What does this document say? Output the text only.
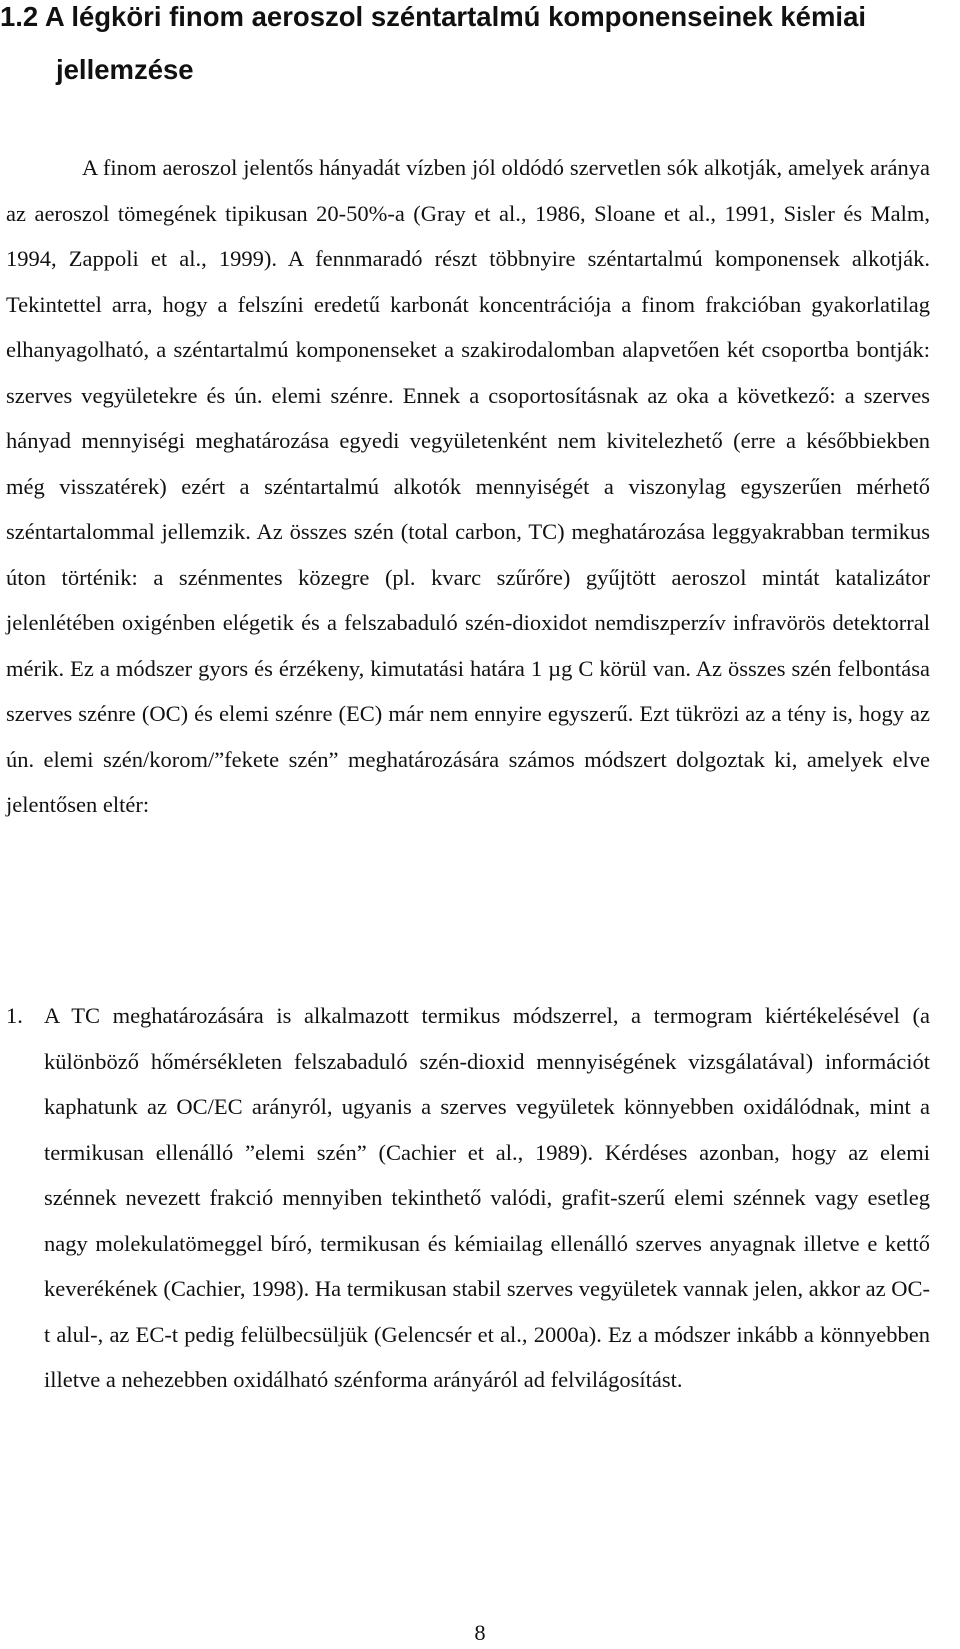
1.2 A légköri finom aeroszol széntartalmú komponenseinek kémiai
jellemzése

A finom aeroszol jelentős hányadát vízben jól oldódó szervetlen sók alkotják, amelyek aránya az aeroszol tömegének tipikusan 20-50%-a (Gray et al., 1986, Sloane et al., 1991, Sisler és Malm, 1994, Zappoli et al., 1999). A fennmaradó részt többnyire széntartalmú komponensek alkotják. Tekintettel arra, hogy a felszíni eredetű karbonát koncentrációja a finom frakcióban gyakorlatilag elhanyagolható, a széntartalmú komponenseket a szakirodalomban alapvetően két csoportba bontják: szerves vegyületekre és ún. elemi szénre. Ennek a csoportosításnak az oka a következő: a szerves hányad mennyiségi meghatározása egyedi vegyületenként nem kivitelezhető (erre a későbbiekben még visszatérek) ezért a széntartalmú alkotók mennyiségét a viszonylag egyszerűen mérhető széntartalommal jellemzik. Az összes szén (total carbon, TC) meghatározása leggyakrabban termikus úton történik: a szénmentes közegre (pl. kvarc szűrőre) gyűjtött aeroszol mintát katalizátor jelenlétében oxigénben elégetik és a felszabaduló szén-dioxidot nemdiszperzív infravörös detektorral mérik. Ez a módszer gyors és érzékeny, kimutatási határa 1 µg C körül van. Az összes szén felbontása szerves szénre (OC) és elemi szénre (EC) már nem ennyire egyszerű. Ezt tükrözi az a tény is, hogy az ún. elemi szén/korom/”fekete szén” meghatározására számos módszert dolgoztak ki, amelyek elve jelentősen eltér:

1. A TC meghatározására is alkalmazott termikus módszerrel, a termogram kiértékelésével (a különböző hőmérsékleten felszabaduló szén-dioxid mennyiségének vizsgálatával) információt kaphatunk az OC/EC arányról, ugyanis a szerves vegyületek könnyebben oxidálódnak, mint a termikusan ellenálló ”elemi szén” (Cachier et al., 1989). Kérdéses azonban, hogy az elemi szénnek nevezett frakció mennyiben tekinthető valódi, grafit-szerű elemi szénnek vagy esetleg nagy molekulatömeggel bíró, termikusan és kémiailag ellenálló szerves anyagnak illetve e kettő keverékének (Cachier, 1998). Ha termikusan stabil szerves vegyületek vannak jelen, akkor az OC-t alul-, az EC-t pedig felülbecsüljük (Gelencsér et al., 2000a). Ez a módszer inkább a könnyebben illetve a nehezebben oxidálható szénforma arányáról ad felvilágosítást.
8
